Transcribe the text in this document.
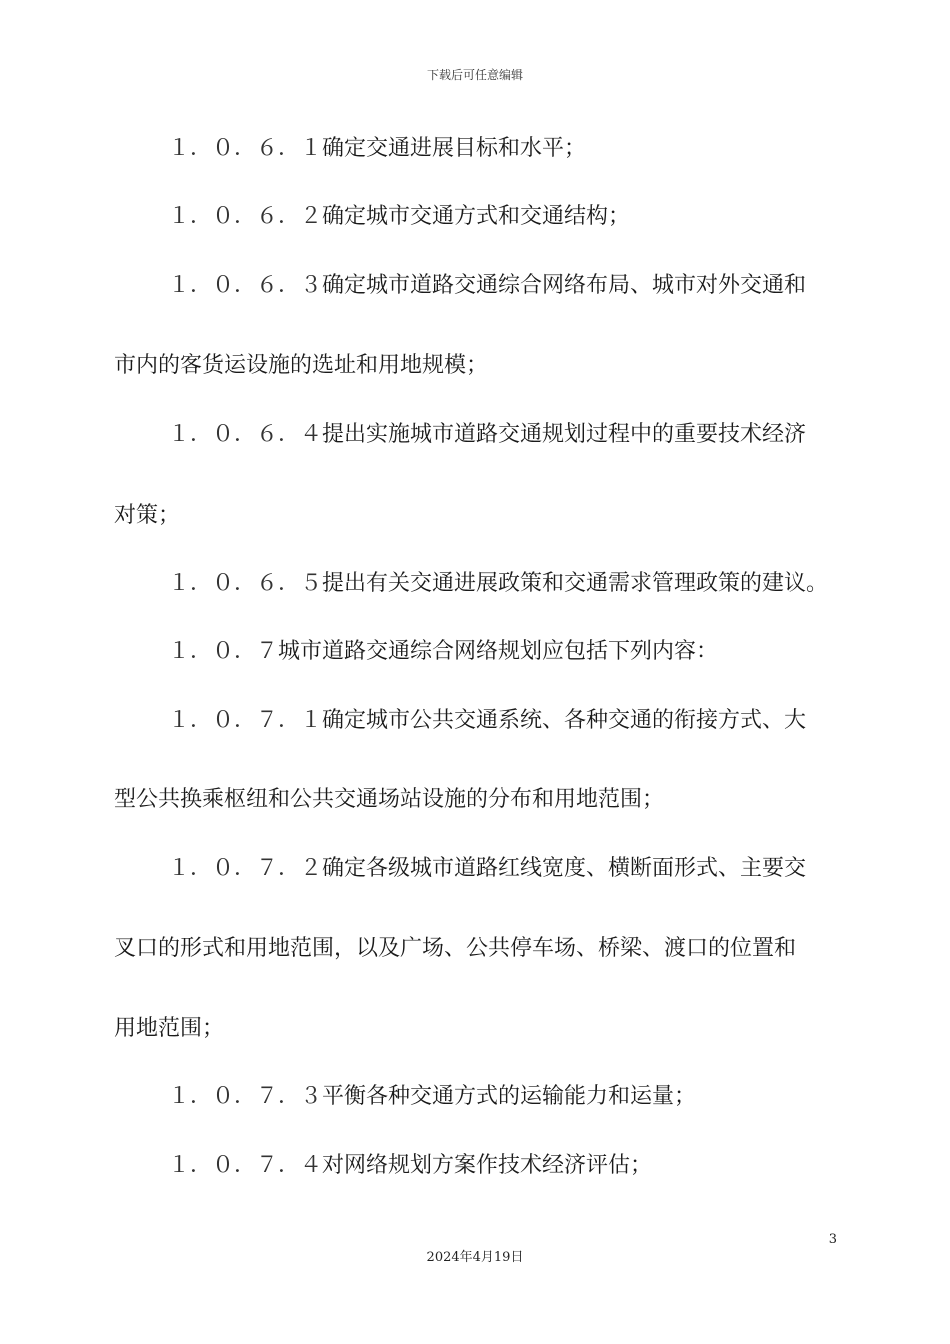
下载后可任意编辑
１．０．６．１确定交通进展目标和水平；
１．０．６．２确定城市交通方式和交通结构；
１．０．６．３确定城市道路交通综合网络布局、城市对外交通和
市内的客货运设施的选址和用地规模；
１．０．６．４提出实施城市道路交通规划过程中的重要技术经济
对策；
１．０．６．５提出有关交通进展政策和交通需求管理政策的建议。
１．０．７城市道路交通综合网络规划应包括下列内容：
１．０．７．１确定城市公共交通系统、各种交通的衔接方式、大
型公共换乘枢纽和公共交通场站设施的分布和用地范围；
１．０．７．２确定各级城市道路红线宽度、横断面形式、主要交
叉口的形式和用地范围，以及广场、公共停车场、桥梁、渡口的位置和
用地范围；
１．０．７．３平衡各种交通方式的运输能力和运量；
１．０．７．４对网络规划方案作技术经济评估；
3
2024年4月19日
